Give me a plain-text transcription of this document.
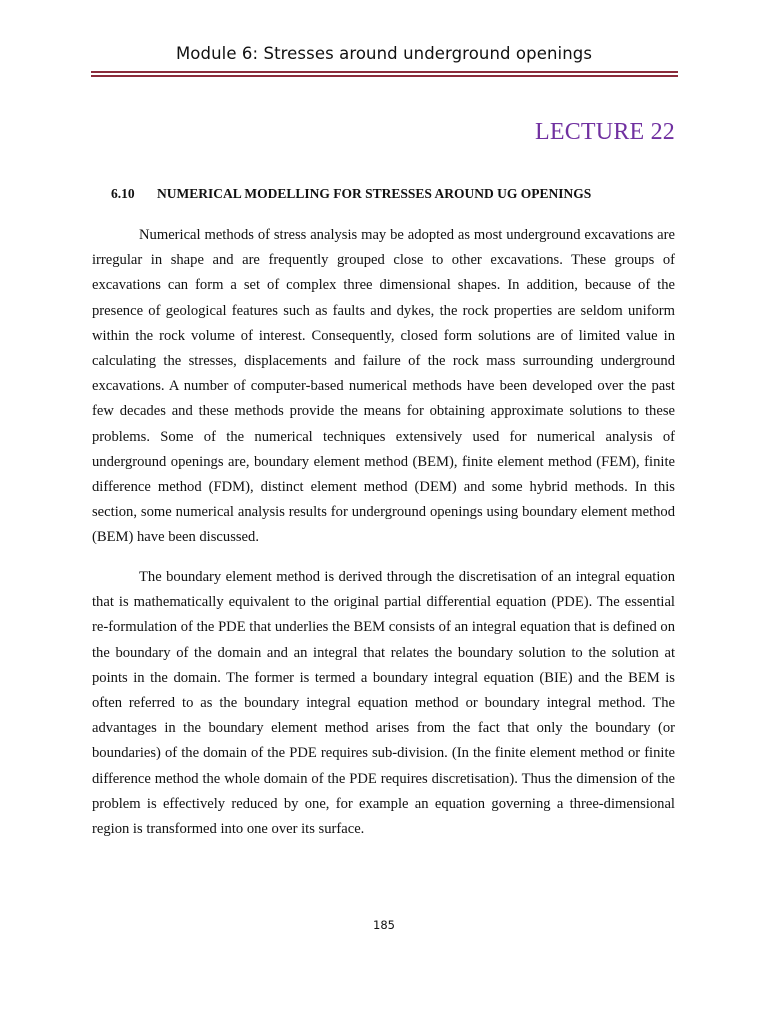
Module 6: Stresses around underground openings
LECTURE 22
6.10 NUMERICAL MODELLING FOR STRESSES AROUND UG OPENINGS

Numerical methods of stress analysis may be adopted as most underground excavations are irregular in shape and are frequently grouped close to other excavations. These groups of excavations can form a set of complex three dimensional shapes. In addition, because of the presence of geological features such as faults and dykes, the rock properties are seldom uniform within the rock volume of interest. Consequently, closed form solutions are of limited value in calculating the stresses, displacements and failure of the rock mass surrounding underground excavations. A number of computer-based numerical methods have been developed over the past few decades and these methods provide the means for obtaining approximate solutions to these problems. Some of the numerical techniques extensively used for numerical analysis of underground openings are, boundary element method (BEM), finite element method (FEM), finite difference method (FDM), distinct element method (DEM) and some hybrid methods. In this section, some numerical analysis results for underground openings using boundary element method (BEM) have been discussed.

The boundary element method is derived through the discretisation of an integral equation that is mathematically equivalent to the original partial differential equation (PDE). The essential re-formulation of the PDE that underlies the BEM consists of an integral equation that is defined on the boundary of the domain and an integral that relates the boundary solution to the solution at points in the domain. The former is termed a boundary integral equation (BIE) and the BEM is often referred to as the boundary integral equation method or boundary integral method. The advantages in the boundary element method arises from the fact that only the boundary (or boundaries) of the domain of the PDE requires sub-division. (In the finite element method or finite difference method the whole domain of the PDE requires discretisation). Thus the dimension of the problem is effectively reduced by one, for example an equation governing a three-dimensional region is transformed into one over its surface.

185
